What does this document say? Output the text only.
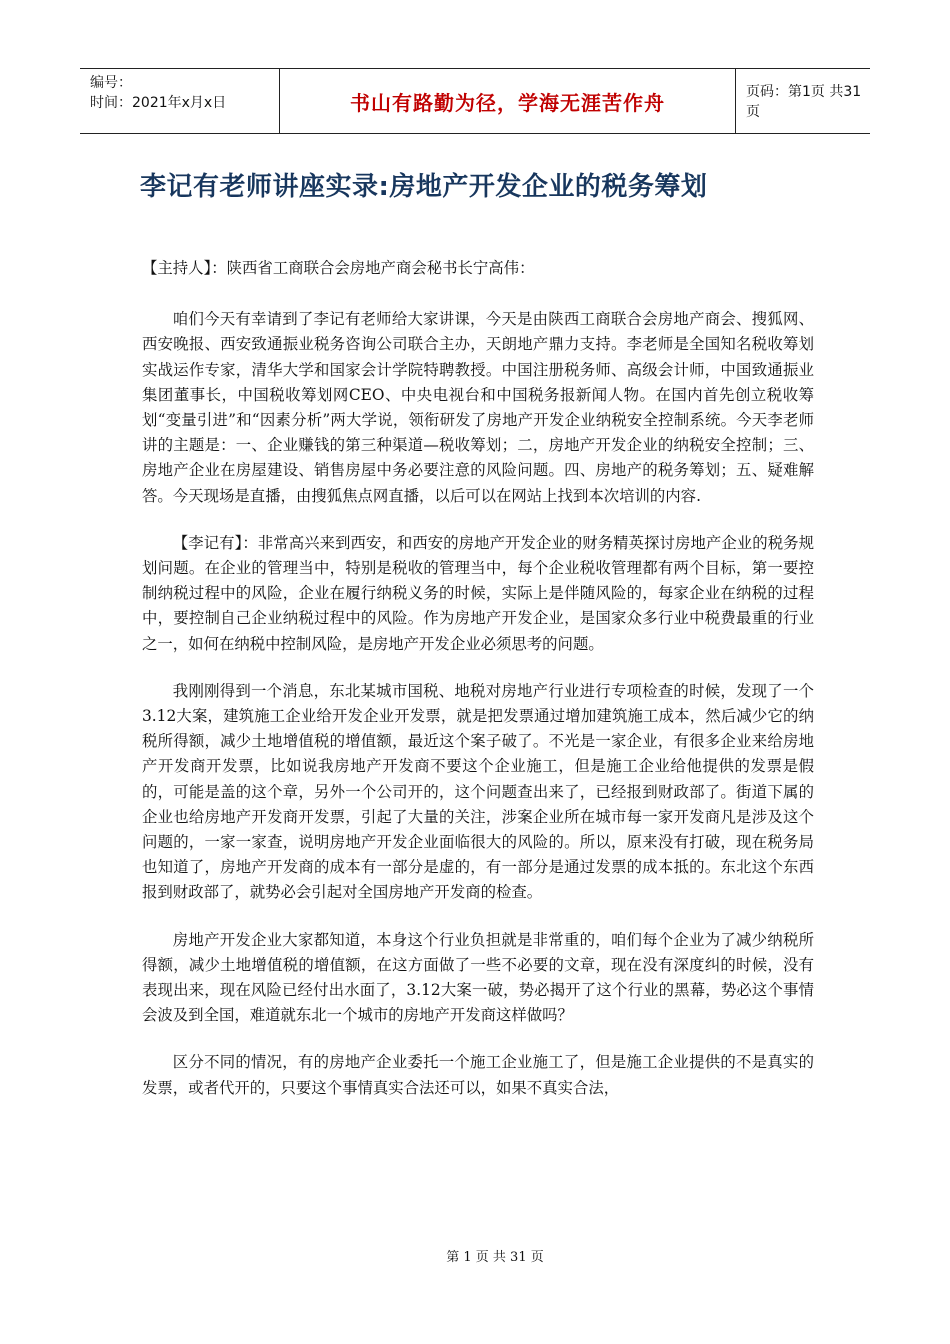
编号：
时间：2021年x月x日	书山有路勤为径，学海无涯苦作舟	页码：第1页 共31页
李记有老师讲座实录:房地产开发企业的税务筹划

【主持人】：陕西省工商联合会房地产商会秘书长宁高伟：

咱们今天有幸请到了李记有老师给大家讲课，今天是由陕西工商联合会房地产商会、搜狐网、西安晚报、西安致通振业税务咨询公司联合主办，天朗地产鼎力支持。李老师是全国知名税收筹划实战运作专家，清华大学和国家会计学院特聘教授。中国注册税务师、高级会计师，中国致通振业集团董事长，中国税收筹划网CEO、中央电视台和中国税务报新闻人物。在国内首先创立税收筹划“变量引进”和“因素分析”两大学说，领衔研发了房地产开发企业纳税安全控制系统。今天李老师讲的主题是：一、企业赚钱的第三种渠道—税收筹划；二，房地产开发企业的纳税安全控制；三、房地产企业在房屋建设、销售房屋中务必要注意的风险问题。四、房地产的税务筹划；五、疑难解答。今天现场是直播，由搜狐焦点网直播，以后可以在网站上找到本次培训的内容.

【李记有】：非常高兴来到西安，和西安的房地产开发企业的财务精英探讨房地产企业的税务规划问题。在企业的管理当中，特别是税收的管理当中，每个企业税收管理都有两个目标，第一要控制纳税过程中的风险，企业在履行纳税义务的时候，实际上是伴随风险的，每家企业在纳税的过程中，要控制自己企业纳税过程中的风险。作为房地产开发企业，是国家众多行业中税费最重的行业之一，如何在纳税中控制风险，是房地产开发企业必须思考的问题。

我刚刚得到一个消息，东北某城市国税、地税对房地产行业进行专项检查的时候，发现了一个3.12大案，建筑施工企业给开发企业开发票，就是把发票通过增加建筑施工成本，然后减少它的纳税所得额，减少土地增值税的增值额，最近这个案子破了。不光是一家企业，有很多企业来给房地产开发商开发票，比如说我房地产开发商不要这个企业施工，但是施工企业给他提供的发票是假的，可能是盖的这个章，另外一个公司开的，这个问题查出来了，已经报到财政部了。街道下属的企业也给房地产开发商开发票，引起了大量的关注，涉案企业所在城市每一家开发商凡是涉及这个问题的，一家一家查，说明房地产开发企业面临很大的风险的。所以，原来没有打破，现在税务局也知道了，房地产开发商的成本有一部分是虚的，有一部分是通过发票的成本抵的。东北这个东西报到财政部了，就势必会引起对全国房地产开发商的检查。

房地产开发企业大家都知道，本身这个行业负担就是非常重的，咱们每个企业为了减少纳税所得额，减少土地增值税的增值额，在这方面做了一些不必要的文章，现在没有深度纠的时候，没有表现出来，现在风险已经付出水面了，3.12大案一破，势必揭开了这个行业的黑幕，势必这个事情会波及到全国，难道就东北一个城市的房地产开发商这样做吗？

区分不同的情况，有的房地产企业委托一个施工企业施工了，但是施工企业提供的不是真实的发票，或者代开的，只要这个事情真实合法还可以，如果不真实合法，

第 1 页 共 31 页
